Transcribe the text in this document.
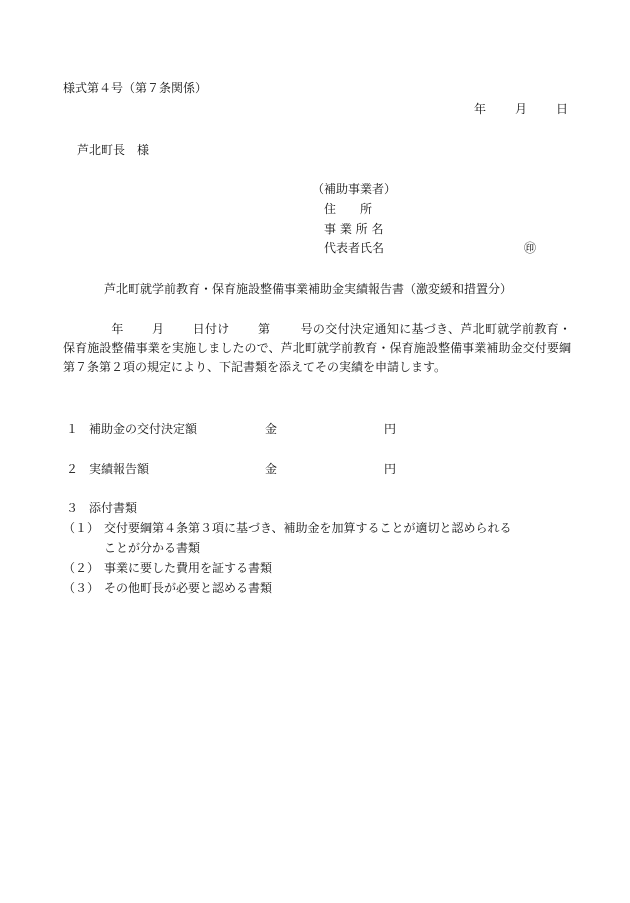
様式第４号（第７条関係）
年 月 日
芦北町長　様
（補助事業者）
住　　所
事 業 所 名
代表者氏名	㊞
芦北町就学前教育・保育施設整備事業補助金実績報告書（激変緩和措置分）
年 月 日付け 第	号の交付決定通知に基づき、芦北町就学前教育・保育施設整備事業を実施しましたので、芦北町就学前教育・保育施設整備事業補助金交付要綱第７条第２項の規定により、下記書類を添えてその実績を申請します。
１ 補助金の交付決定額	金	円
２ 実績報告額	金	円
３ 添付書類
（１） 交付要綱第４条第３項に基づき、補助金を加算することが適切と認められる
ことが分かる書類
（２） 事業に要した費用を証する書類
（３） その他町長が必要と認める書類
